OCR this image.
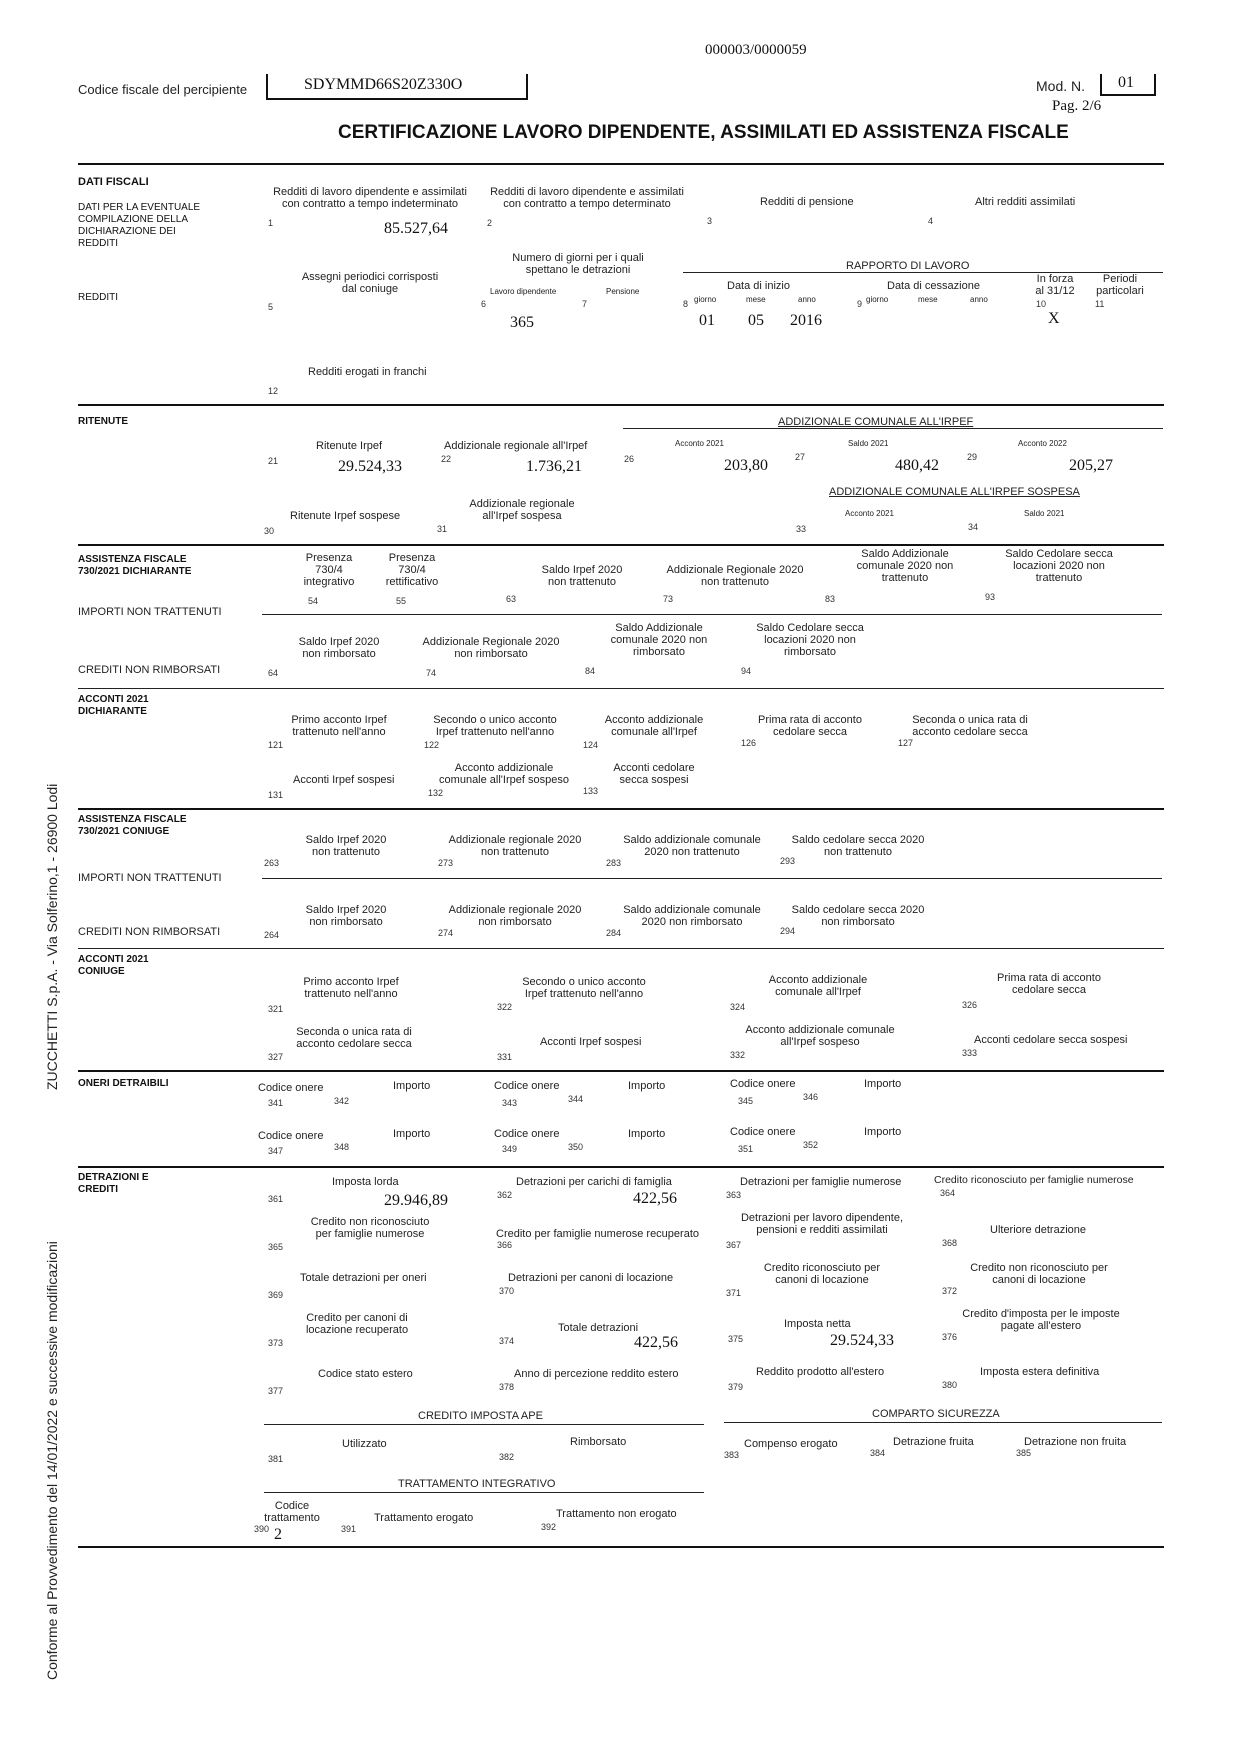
Conforme al Provvedimento del 14/01/2022 e successive modificazioni
ZUCCHETTI S.p.A. - Via Solferino,1 - 26900 Lodi
000003/0000059
Codice fiscale del percipiente	SDYMMD66S20Z330O	Mod. N. 01
Pag. 2/6
CERTIFICAZIONE LAVORO DIPENDENTE, ASSIMILATI ED ASSISTENZA FISCALE
DATI FISCALI
DATI PER LA EVENTUALE COMPILAZIONE DELLA DICHIARAZIONE DEI REDDITI
Redditi di lavoro dipendente e assimilati con contratto a tempo indeterminato
1	85.527,64
Redditi di lavoro dipendente e assimilati con contratto a tempo determinato
2
Redditi di pensione
3
Altri redditi assimilati
4
REDDITI
Assegni periodici corrisposti dal coniuge
5
Numero di giorni per i quali spettano le detrazioni
Lavoro dipendente
6
365
7
Pensione
RAPPORTO DI LAVORO
Data di inizio	Data di cessazione
8 giorno	mese	anno
01 05 2016
9 giorno	mese	anno
In forza al 31/12
10
X
Periodi particolari
11
Redditi erogati in franchi
12
RITENUTE	ADDIZIONALE COMUNALE ALL'IRPEF
Ritenute Irpef
21	29.524,33
Addizionale regionale all'Irpef
22	1.736,21
Acconto 2021
26	203,80
Saldo 2021
27	480,42
Acconto 2022
29	205,27
ADDIZIONALE COMUNALE ALL'IRPEF SOSPESA
Ritenute Irpef sospese
30
Addizionale regionale all'Irpef sospesa
31
Acconto 2021
33
Saldo 2021
34
ASSISTENZA FISCALE 730/2021 DICHIARANTE
IMPORTI NON TRATTENUTI
Presenza 730/4 integrativo
54
Presenza 730/4 rettificativo
55
Saldo Irpef 2020 non trattenuto
63
Addizionale Regionale 2020 non trattenuto
73
Saldo Addizionale comunale 2020 non trattenuto
83
Saldo Cedolare secca locazioni 2020 non trattenuto
93
Saldo Irpef 2020 non rimborsato
64
Addizionale Regionale 2020 non rimborsato
74
Saldo Addizionale comunale 2020 non rimborsato
84
Saldo Cedolare secca locazioni 2020 non rimborsato
94
CREDITI NON RIMBORSATI
ACCONTI 2021 DICHIARANTE
Primo acconto Irpef trattenuto nell'anno
121
Secondo o unico acconto Irpef trattenuto nell'anno
122
Acconto addizionale comunale all'Irpef
124
Prima rata di acconto cedolare secca
126
Seconda o unica rata di acconto cedolare secca
127
Acconti Irpef sospesi
131
Acconto addizionale comunale all'Irpef sospeso
132
Acconti cedolare secca sospesi
133
ASSISTENZA FISCALE 730/2021 CONIUGE
IMPORTI NON TRATTENUTI
Saldo Irpef 2020 non trattenuto
263
Addizionale regionale 2020 non trattenuto
273
Saldo addizionale comunale 2020 non trattenuto
283
Saldo cedolare secca 2020 non trattenuto
293
Saldo Irpef 2020 non rimborsato
264
Addizionale regionale 2020 non rimborsato
274
Saldo addizionale comunale 2020 non rimborsato
284
Saldo cedolare secca 2020 non rimborsato
294
CREDITI NON RIMBORSATI
ACCONTI 2021 CONIUGE
Primo acconto Irpef trattenuto nell'anno
321
Secondo o unico acconto Irpef trattenuto nell'anno
322
Acconto addizionale comunale all'Irpef
324
Prima rata di acconto cedolare secca
326
Seconda o unica rata di acconto cedolare secca
327
Acconti Irpef sospesi
331
Acconto addizionale comunale all'Irpef sospeso
332
Acconti cedolare secca sospesi
333
ONERI DETRAIBILI	Codice onere	Importo
341	342
Codice onere	Importo
343	344
Codice onere	Importo
345	346
Codice onere	Importo
347	348
Codice onere	Importo
349	350
Codice onere	Importo
351	352
DETRAZIONI E CREDITI
Imposta lorda
361	29.946,89
Detrazioni per carichi di famiglia
362	422,56
Detrazioni per famiglie numerose
363
Credito riconosciuto per famiglie numerose
364
Credito non riconosciuto per famiglie numerose
365
Credito per famiglie numerose recuperato
366
Detrazioni per lavoro dipendente, pensioni e redditi assimilati
367
Ulteriore detrazione
368
Totale detrazioni per oneri
369
Detrazioni per canoni di locazione
370
Credito riconosciuto per canoni di locazione
371
Credito non riconosciuto per canoni di locazione
372
Credito per canoni di locazione recuperato
373
Totale detrazioni
374	422,56
Imposta netta
375	29.524,33
Credito d'imposta per le imposte pagate all'estero
376
Codice stato estero
377
Anno di percezione reddito estero
378
Reddito prodotto all'estero
379
Imposta estera definitiva
380
CREDITO IMPOSTA APE	COMPARTO SICUREZZA
Utilizzato
381
Rimborsato
382
Compenso erogato
383
Detrazione fruita
384
Detrazione non fruita
385
TRATTAMENTO INTEGRATIVO
Codice trattamento
390 2
Trattamento erogato
391
Trattamento non erogato
392
